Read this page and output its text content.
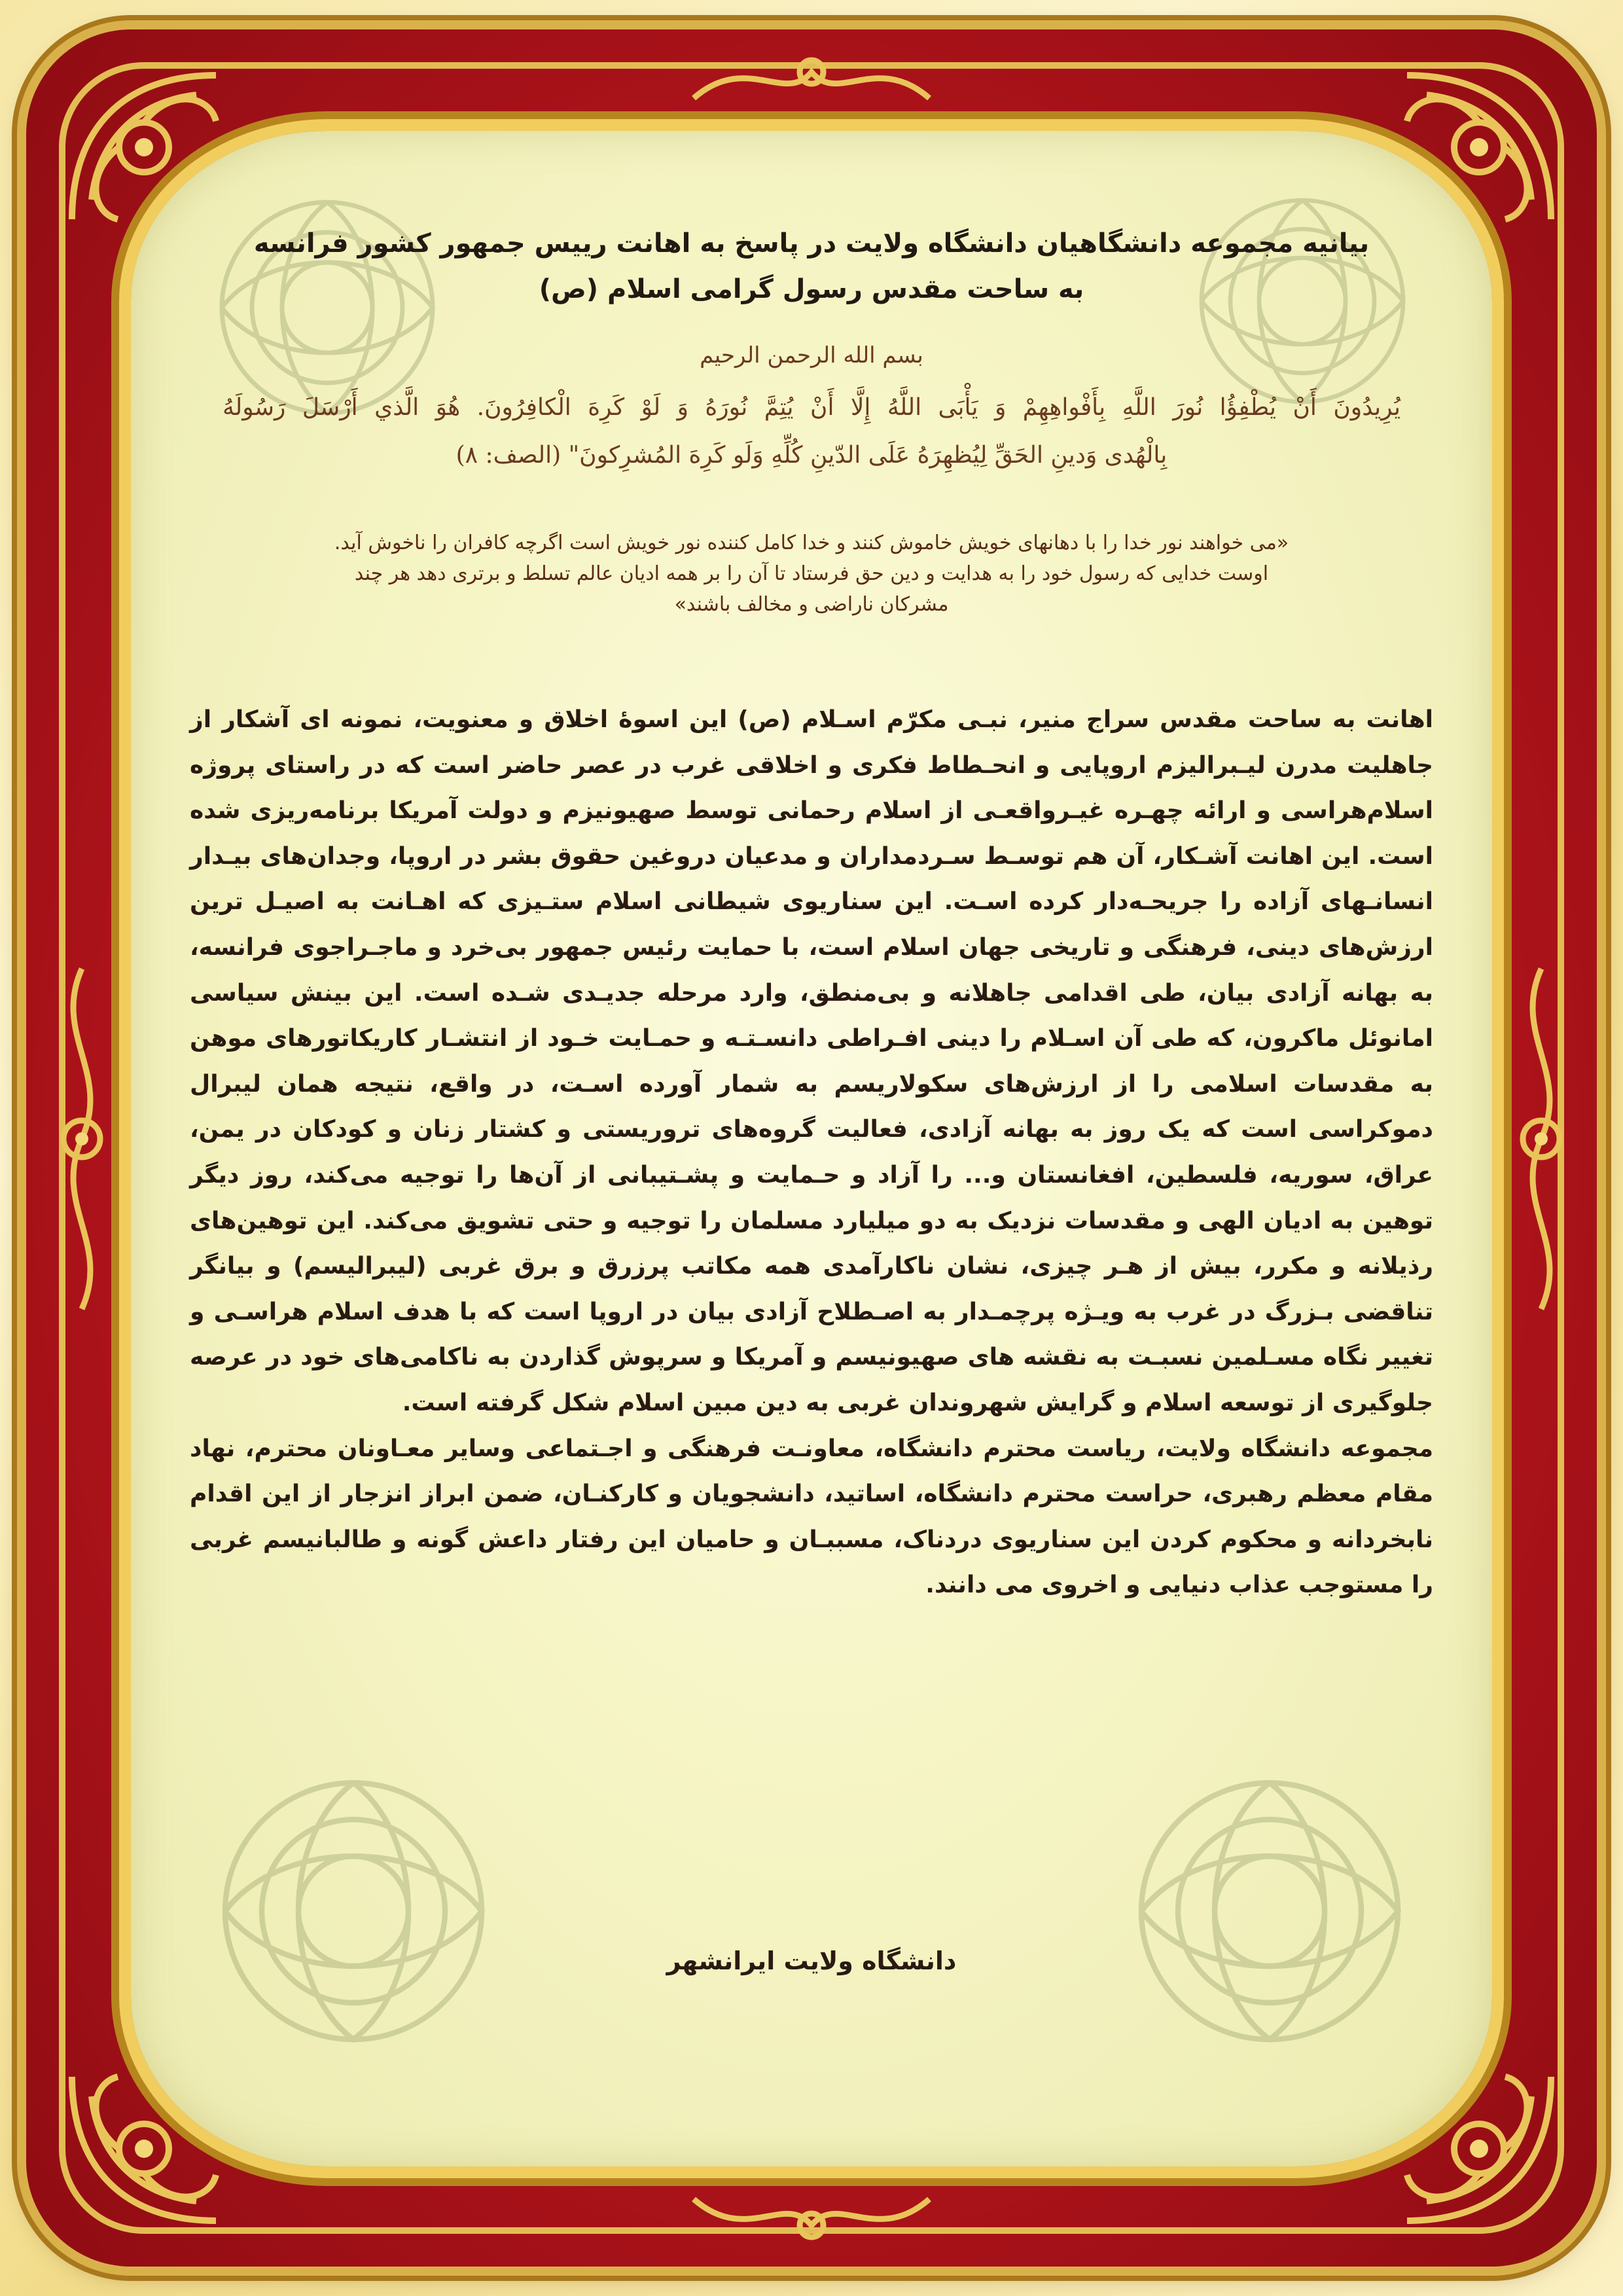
بیانیه مجموعه دانشگاهیان دانشگاه ولایت در پاسخ به اهانت رییس جمهور کشور فرانسه
به ساحت مقدس رسول گرامی اسلام (ص)
بسم الله الرحمن الرحیم
يُرِيدُونَ أَنْ يُطْفِؤُا نُورَ اللَّهِ بِأَفْواهِهِمْ وَ يَأْبَى اللَّهُ إِلَّا أَنْ يُتِمَّ نُورَهُ وَ لَوْ كَرِهَ الْكافِرُونَ. هُوَ الَّذي أَرْسَلَ رَسُولَهُ
بِالْهُدى وَدينِ الحَقِّ لِيُظهِرَهُ عَلَى الدّينِ كُلِّهِ وَلَو كَرِهَ المُشرِكونَ" (الصف: ٨)
«می خواهند نور خدا را با دهانهای خویش خاموش کنند و خدا کامل کننده نور خویش است اگرچه کافران را ناخوش آید.
اوست خدایی که رسول خود را به هدایت و دین حق فرستاد تا آن را بر همه ادیان عالم تسلط و برتری دهد هر چند
مشرکان ناراضی و مخالف باشند»

اهانت به ساحت مقدس سراج منیر، نبـی مکرّم اسـلام (ص) این اسوۀ اخلاق و معنویت، نمونه ای آشکار از جاهلیت مدرن لیـبرالیزم اروپایی و انحـطاط فکری و اخلاقی غرب در عصر حاضر است که در راستای پروژه اسلام‌هراسی و ارائه چهـره غیـرواقعـی از اسلام رحمانی توسط صهیونیزم و دولت آمریکا برنامه‌ریزی شده است. این اهانت آشـکار، آن هم توسـط سـردمداران و مدعیان دروغین حقوق بشر در اروپا، وجدان‌های بیـدار انسانـهای آزاده را جریحـه‌دار کرده اسـت. این سناریوی شیطانی اسلام ستـیزی که اهـانت به اصیـل ترین ارزش‌های دینی، فرهنگی و تاریخی جهان اسلام است، با حمایت رئیس جمهور بی‌خرد و ماجـراجوی فرانسه، به بهانه آزادی بیان، طی اقدامی جاهلانه و بی‌منطق، وارد مرحله جدیـدی شـده است. این بینش سیاسی امانوئل ماکرون، که طی آن اسـلام را دینی افـراطی دانسـتـه و حمـایت خـود از انتشـار کاریکاتورهای موهن به مقدسات اسلامی را از ارزش‌های سکولاریسم به شمار آورده اسـت، در واقع، نتیجه همان لیبرال دموکراسی است که یک روز به بهانه آزادی، فعالیت گروه‌های تروریستی و کشتار زنان و کودکان در یمن، عراق، سوریه، فلسطین، افغانستان و... را آزاد و حـمایت و پشـتیبانی از آن‌ها را توجیه می‌کند، روز دیگر توهین به ادیان الهی و مقدسات نزدیک به دو میلیارد مسلمان را توجیه و حتی تشویق می‌کند. این توهین‌های رذیلانه و مکرر، بیش از هـر چیزی، نشان ناکارآمدی همه مکاتب پرزرق و برق غربی (لیبرالیسم) و بیانگر تناقضی بـزرگ در غرب به ویـژه پرچمـدار به اصـطلاح آزادی بیان در اروپا است که با هدف اسلام هراسـی و تغییر نگاه مسـلمین نسبـت به نقشه های صهیونیسم و آمریکا و سرپوش گذاردن به ناکامی‌های خود در عرصه جلوگیری از توسعه اسلام و گرایش شهروندان غربی به دین مبین اسلام شکل گرفته است.

مجموعه دانشگاه ولایت، ریاست محترم دانشگاه، معاونـت فرهنگی و اجـتماعی وسایر معـاونان محترم، نهاد مقام معظم رهبری، حراست محترم دانشگاه، اساتید، دانشجویان و کارکنـان، ضمن ابراز انزجار از این اقدام نابخردانه و محکوم کردن این سناریوی دردناک، مسببـان و حامیان این رفتار داعش گونه و طالبانیسم غربی را مستوجب عذاب دنیایی و اخروی می دانند.

دانشگاه ولایت ایرانشهر
